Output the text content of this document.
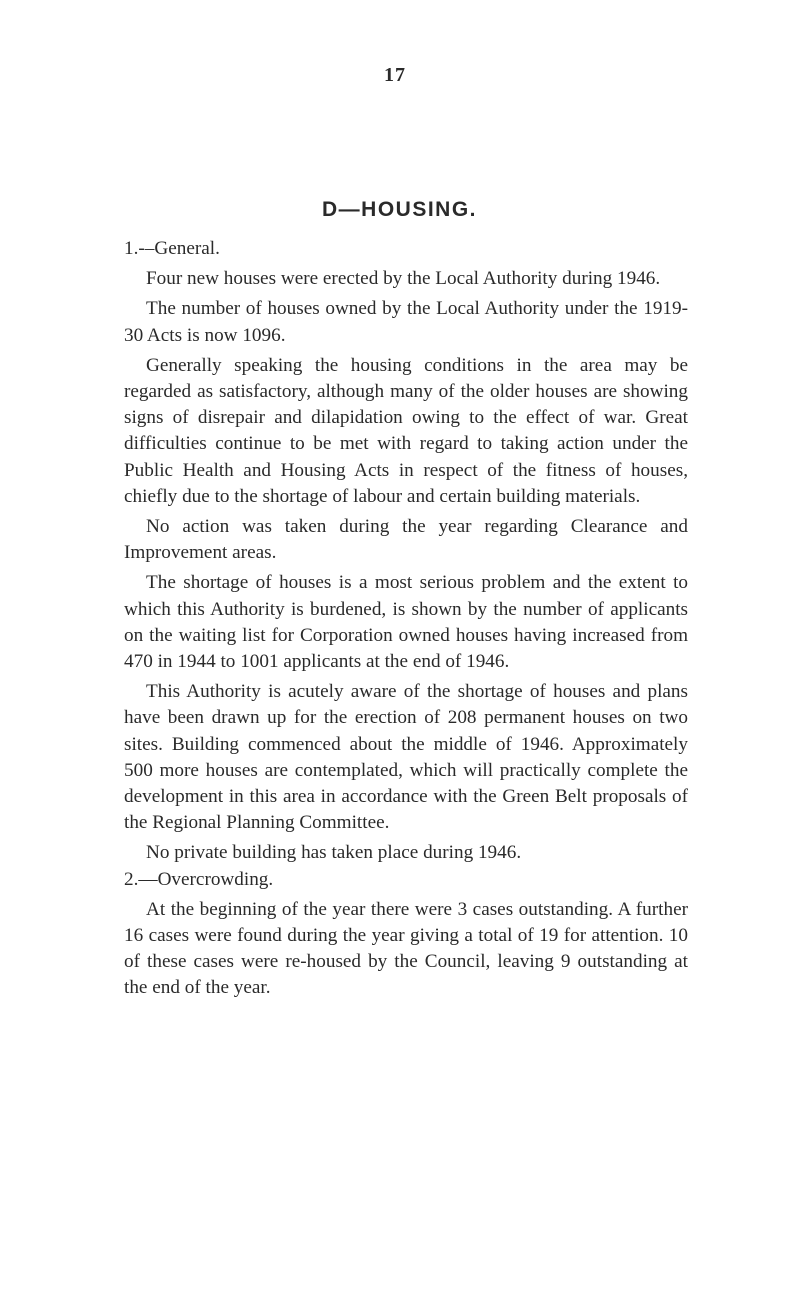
17
D—HOUSING.

1.-–General.

Four new houses were erected by the Local Authority during 1946.

The number of houses owned by the Local Authority under the 1919-30 Acts is now 1096.

Generally speaking the housing conditions in the area may be regarded as satisfactory, although many of the older houses are showing signs of disrepair and dilapidation owing to the effect of war. Great difficulties continue to be met with regard to taking action under the Public Health and Housing Acts in respect of the fitness of houses, chiefly due to the shortage of labour and certain building materials.

No action was taken during the year regarding Clearance and Improvement areas.

The shortage of houses is a most serious problem and the extent to which this Authority is burdened, is shown by the number of applicants on the waiting list for Corporation owned houses having increased from 470 in 1944 to 1001 applicants at the end of 1946.

This Authority is acutely aware of the shortage of houses and plans have been drawn up for the erection of 208 permanent houses on two sites. Building commenced about the middle of 1946. Approximately 500 more houses are contemplated, which will practically complete the development in this area in accordance with the Green Belt proposals of the Regional Planning Committee.

No private building has taken place during 1946.

2.—Overcrowding.

At the beginning of the year there were 3 cases outstanding. A further 16 cases were found during the year giving a total of 19 for attention. 10 of these cases were re-housed by the Council, leaving 9 outstanding at the end of the year.
